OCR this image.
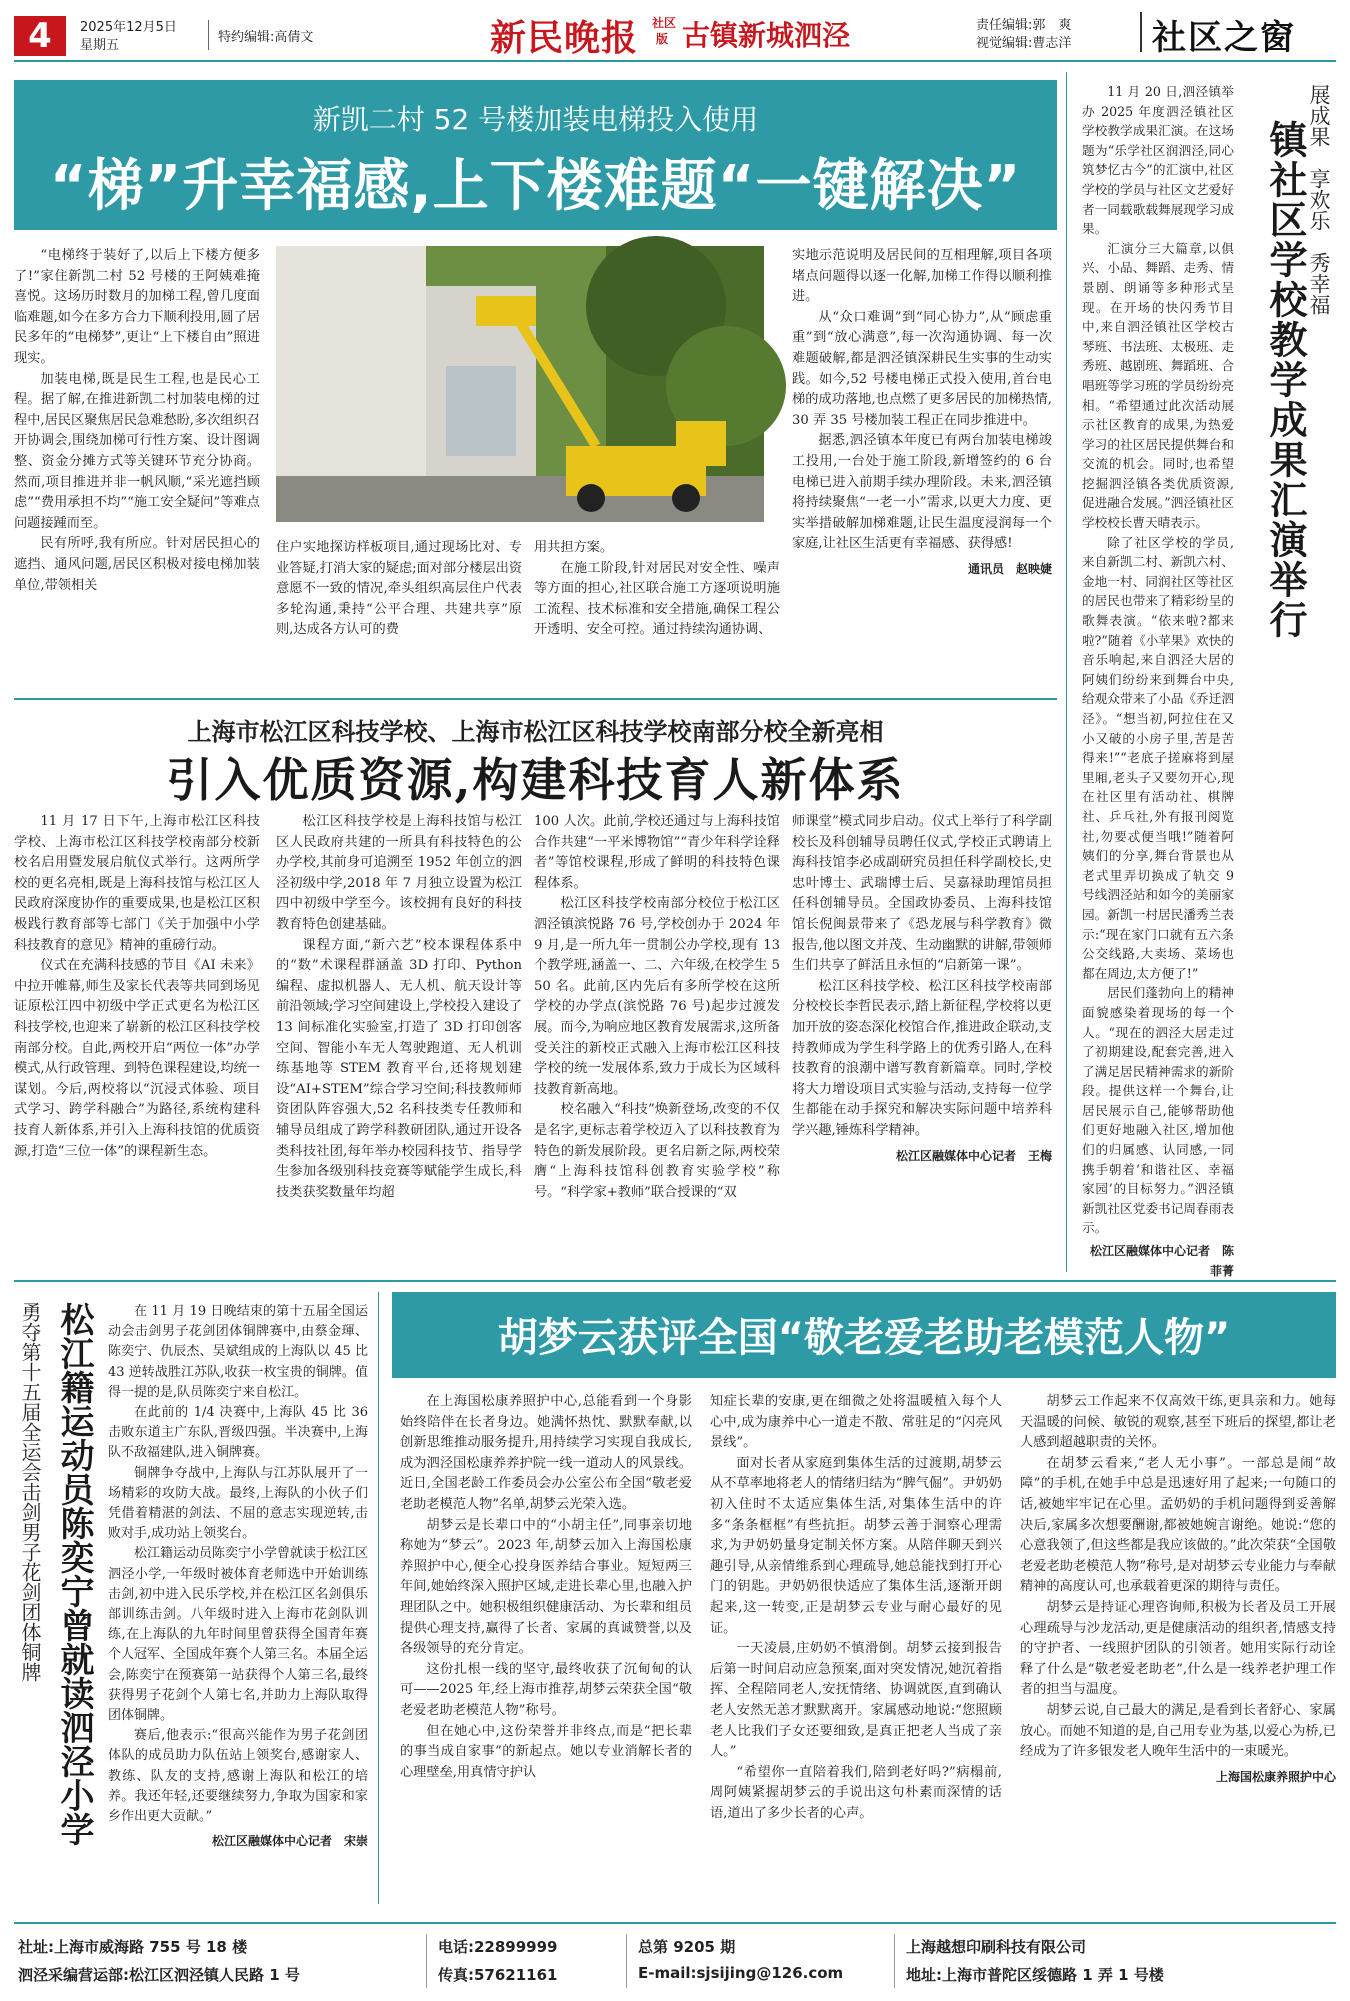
4	2025年12月5日
星期五
特约编辑:高倩文	新民晚报 社区
版 古镇新城泗泾	责任编辑:郭　爽
视觉编辑:曹志洋 社区之窗
新凯二村 52 号楼加装电梯投入使用
“梯”升幸福感,上下楼难题“一键解决”

“电梯终于装好了,以后上下楼方便多了!”家住新凯二村 52 号楼的王阿姨难掩喜悦。这场历时数月的加梯工程,曾几度面临难题,如今在多方合力下顺利投用,圆了居民多年的“电梯梦”,更让“上下楼自由”照进现实。

加装电梯,既是民生工程,也是民心工程。据了解,在推进新凯二村加装电梯的过程中,居民区聚焦居民急难愁盼,多次组织召开协调会,围绕加梯可行性方案、设计图调整、资金分摊方式等关键环节充分协商。然而,项目推进并非一帆风顺,“采光遮挡顾虑”“费用承担不均”“施工安全疑问”等难点问题接踵而至。

民有所呼,我有所应。针对居民担心的遮挡、通风问题,居民区积极对接电梯加装单位,带领相关

住户实地探访样板项目,通过现场比对、专业答疑,打消大家的疑虑;面对部分楼层出资意愿不一致的情况,牵头组织高层住户代表多轮沟通,秉持“公平合理、共建共享”原则,达成各方认可的费

用共担方案。

在施工阶段,针对居民对安全性、噪声等方面的担心,社区联合施工方逐项说明施工流程、技术标准和安全措施,确保工程公开透明、安全可控。通过持续沟通协调、

实地示范说明及居民间的互相理解,项目各项堵点问题得以逐一化解,加梯工作得以顺利推进。

从“众口难调”到“同心协力”,从“顾虑重重”到“放心满意”,每一次沟通协调、每一次难题破解,都是泗泾镇深耕民生实事的生动实践。如今,52 号楼电梯正式投入使用,首台电梯的成功落地,也点燃了更多居民的加梯热情,30 弄 35 号楼加装工程正在同步推进中。

据悉,泗泾镇本年度已有两台加装电梯竣工投用,一台处于施工阶段,新增签约的 6 台电梯已进入前期手续办理阶段。未来,泗泾镇将持续聚焦“一老一小”需求,以更大力度、更实举措破解加梯难题,让民生温度浸润每一个家庭,让社区生活更有幸福感、获得感!

通讯员　赵映婕
上海市松江区科技学校、上海市松江区科技学校南部分校全新亮相
引入优质资源,构建科技育人新体系

11 月 17 日下午,上海市松江区科技学校、上海市松江区科技学校南部分校新校名启用暨发展启航仪式举行。这两所学校的更名亮相,既是上海科技馆与松江区人民政府深度协作的重要成果,也是松江区积极践行教育部等七部门《关于加强中小学科技教育的意见》精神的重磅行动。

仪式在充满科技感的节目《AI 未来》中拉开帷幕,师生及家长代表等共同到场见证原松江四中初级中学正式更名为松江区科技学校,也迎来了崭新的松江区科技学校南部分校。自此,两校开启“两位一体”办学模式,从行政管理、到特色课程建设,均统一谋划。今后,两校将以“沉浸式体验、项目式学习、跨学科融合”为路径,系统构建科技育人新体系,并引入上海科技馆的优质资源,打造“三位一体”的课程新生态。

松江区科技学校是上海科技馆与松江区人民政府共建的一所具有科技特色的公办学校,其前身可追溯至 1952 年创立的泗泾初级中学,2018 年 7 月独立设置为松江四中初级中学至今。该校拥有良好的科技教育特色创建基础。

课程方面,“新六艺”校本课程体系中的“数”术课程群涵盖 3D 打印、Python 编程、虚拟机器人、无人机、航天设计等前沿领域;学习空间建设上,学校投入建设了 13 间标准化实验室,打造了 3D 打印创客空间、智能小车无人驾驶跑道、无人机训练基地等 STEM 教育平台,还将规划建设“AI+STEM”综合学习空间;科技教师师资团队阵容强大,52 名科技类专任教师和辅导员组成了跨学科教研团队,通过开设各类科技社团,每年举办校园科技节、指导学生参加各级别科技竞赛等赋能学生成长,科技类获奖数量年均超

100 人次。此前,学校还通过与上海科技馆合作共建“一平米博物馆”“青少年科学诠释者”等馆校课程,形成了鲜明的科技特色课程体系。

松江区科技学校南部分校位于松江区泗泾镇滨悦路 76 号,学校创办于 2024 年 9 月,是一所九年一贯制公办学校,现有 13 个教学班,涵盖一、二、六年级,在校学生 550 名。此前,区内先后有多所学校在这所学校的办学点(滨悦路 76 号)起步过渡发展。而今,为响应地区教育发展需求,这所备受关注的新校正式融入上海市松江区科技学校的统一发展体系,致力于成长为区域科技教育新高地。

校名融入“科技”焕新登场,改变的不仅是名字,更标志着学校迈入了以科技教育为特色的新发展阶段。更名启新之际,两校荣膺“上海科技馆科创教育实验学校”称号。“科学家+教师”联合授课的“双

师课堂”模式同步启动。仪式上举行了科学副校长及科创辅导员聘任仪式,学校正式聘请上海科技馆李必成副研究员担任科学副校长,史忠叶博士、武瑞博士后、吴嘉禄助理馆员担任科创辅导员。全国政协委员、上海科技馆馆长倪闽景带来了《恐龙展与科学教育》微报告,他以图文并茂、生动幽默的讲解,带领师生们共享了鲜活且永恒的“启新第一课”。

松江区科技学校、松江区科技学校南部分校校长李哲民表示,踏上新征程,学校将以更加开放的姿态深化校馆合作,推进政企联动,支持教师成为学生科学路上的优秀引路人,在科技教育的浪潮中谱写教育新篇章。同时,学校将大力增设项目式实验与活动,支持每一位学生都能在动手探究和解决实际问题中培养科学兴趣,锤炼科学精神。

松江区融媒体中心记者　王梅

11 月 20 日,泗泾镇举办 2025 年度泗泾镇社区学校教学成果汇演。在这场题为“乐学社区润泗泾,同心筑梦忆古今”的汇演中,社区学校的学员与社区文艺爱好者一同载歌载舞展现学习成果。

汇演分三大篇章,以俱兴、小品、舞蹈、走秀、情景剧、朗诵等多种形式呈现。在开场的快闪秀节目中,来自泗泾镇社区学校古琴班、书法班、太极班、走秀班、越剧班、舞蹈班、合唱班等学习班的学员纷纷亮相。“希望通过此次活动展示社区教育的成果,为热爱学习的社区居民提供舞台和交流的机会。同时,也希望挖掘泗泾镇各类优质资源,促进融合发展。”泗泾镇社区学校校长曹天晴表示。

除了社区学校的学员,来自新凯二村、新凯六村、金地一村、同润社区等社区的居民也带来了精彩纷呈的歌舞表演。“依来啦?都来啦?”随着《小苹果》欢快的音乐响起,来自泗泾大居的阿姨们纷纷来到舞台中央,给观众带来了小品《乔迁泗泾》。“想当初,阿拉住在又小又破的小房子里,苦是苦得来!”“老底子搓麻将到屋里厢,老头子又要勿开心,现在社区里有活动社、棋牌社、乒乓社,外有报刊阅览社,勿要忒便当哦!”随着阿姨们的分享,舞台背景也从老式里弄切换成了轨交 9 号线泗泾站和如今的美丽家园。新凯一村居民潘秀兰表示:“现在家门口就有五六条公交线路,大卖场、菜场也都在周边,太方便了!”

居民们蓬勃向上的精神面貌感染着现场的每一个人。“现在的泗泾大居走过了初期建设,配套完善,进入了满足居民精神需求的新阶段。提供这样一个舞台,让居民展示自己,能够帮助他们更好地融入社区,增加他们的归属感、认同感,一同携手朝着‘和谐社区、幸福家园’的目标努力。”泗泾镇新凯社区党委书记周春雨表示。

松江区融媒体中心记者　陈菲菁
镇社区学校教学成果汇演举行 展成果　享欢乐　秀幸福
勇夺第十五届全运会击剑男子花剑团体铜牌 松江籍运动员陈奕宁曾就读泗泾小学	在 11 月 19 日晚结束的第十五届全国运动会击剑男子花剑团体铜牌赛中,由蔡金琿、陈奕宁、仇辰杰、吴斌组成的上海队以 45 比 43 逆转战胜江苏队,收获一枚宝贵的铜牌。值得一提的是,队员陈奕宁来自松江。

在此前的 1/4 决赛中,上海队 45 比 36 击败东道主广东队,晋级四强。半决赛中,上海队不敌福建队,进入铜牌赛。

铜牌争夺战中,上海队与江苏队展开了一场精彩的攻防大战。最终,上海队的小伙子们凭借着精湛的剑法、不屈的意志实现逆转,击败对手,成功站上领奖台。

松江籍运动员陈奕宁小学曾就读于松江区泗泾小学,一年级时被体育老师选中开始训练击剑,初中进入民乐学校,并在松江区名剑俱乐部训练击剑。八年级时进入上海市花剑队训练,在上海队的九年时间里曾获得全国青年赛个人冠军、全国成年赛个人第三名。本届全运会,陈奕宁在预赛第一站获得个人第三名,最终获得男子花剑个人第七名,并助力上海队取得团体铜牌。

赛后,他表示:“很高兴能作为男子花剑团体队的成员助力队伍站上领奖台,感谢家人、教练、队友的支持,感谢上海队和松江的培养。我还年轻,还要继续努力,争取为国家和家乡作出更大贡献。”

松江区融媒体中心记者　宋崇
胡梦云获评全国“敬老爱老助老模范人物”

在上海国松康养照护中心,总能看到一个身影始终陪伴在长者身边。她满怀热忱、默默奉献,以创新思维推动服务提升,用持续学习实现自我成长,成为泗泾国松康养养护院一线一道动人的风景线。近日,全国老龄工作委员会办公室公布全国“敬老爱老助老模范人物”名单,胡梦云光荣入选。

胡梦云是长辈口中的“小胡主任”,同事亲切地称她为“梦云”。2023 年,胡梦云加入上海国松康养照护中心,便全心投身医养结合事业。短短两三年间,她始终深入照护区域,走进长辈心里,也融入护理团队之中。她积极组织健康活动、为长辈和组员提供心理支持,赢得了长者、家属的真诚赞誉,以及各级领导的充分肯定。

这份扎根一线的坚守,最终收获了沉甸甸的认可——2025 年,经上海市推荐,胡梦云荣获全国“敬老爱老助老模范人物”称号。

但在她心中,这份荣誉并非终点,而是“把长辈的事当成自家事”的新起点。她以专业消解长者的心理壁垒,用真情守护认

知症长辈的安康,更在细微之处将温暖植入每个人心中,成为康养中心一道走不散、常驻足的“闪亮风景线”。

面对长者从家庭到集体生活的过渡期,胡梦云从不草率地将老人的情绪归结为“脾气倔”。尹奶奶初入住时不太适应集体生活,对集体生活中的许多“条条框框”有些抗拒。胡梦云善于洞察心理需求,为尹奶奶量身定制关怀方案。从陪伴聊天到兴趣引导,从亲情维系到心理疏导,她总能找到打开心门的钥匙。尹奶奶很快适应了集体生活,逐渐开朗起来,这一转变,正是胡梦云专业与耐心最好的见证。

一天凌晨,庄奶奶不慎滑倒。胡梦云接到报告后第一时间启动应急预案,面对突发情况,她沉着指挥、全程陪同老人,安抚情绪、协调就医,直到确认老人安然无恙才默默离开。家属感动地说:“您照顾老人比我们子女还要细致,是真正把老人当成了亲人。”

“希望你一直陪着我们,陪到老好吗?”病榻前,周阿姨紧握胡梦云的手说出这句朴素而深情的话语,道出了多少长者的心声。

胡梦云工作起来不仅高效干练,更具亲和力。她每天温暖的问候、敏锐的观察,甚至下班后的探望,都让老人感到超越职责的关怀。

在胡梦云看来,“老人无小事”。一部总是闹“故障”的手机,在她手中总是迅速好用了起来;一句随口的话,被她牢牢记在心里。孟奶奶的手机问题得到妥善解决后,家属多次想要酬谢,都被她婉言谢绝。她说:“您的心意我领了,但这些都是我应该做的。”此次荣获“全国敬老爱老助老模范人物”称号,是对胡梦云专业能力与奉献精神的高度认可,也承载着更深的期待与责任。

胡梦云是持证心理咨询师,积极为长者及员工开展心理疏导与沙龙活动,更是健康活动的组织者,情感支持的守护者、一线照护团队的引领者。她用实际行动诠释了什么是“敬老爱老助老”,什么是一线养老护理工作者的担当与温度。

胡梦云说,自己最大的满足,是看到长者舒心、家属放心。而她不知道的是,自己用专业为基,以爱心为桥,已经成为了许多银发老人晚年生活中的一束暖光。

上海国松康养照护中心
社址:上海市威海路 755 号 18 楼
泗泾采编营运部:松江区泗泾镇人民路 1 号
电话:22899999
传真:57621161
总第 9205 期
E-mail:sjsijing@126.com
上海越想印刷科技有限公司
地址:上海市普陀区绥德路 1 弄 1 号楼
